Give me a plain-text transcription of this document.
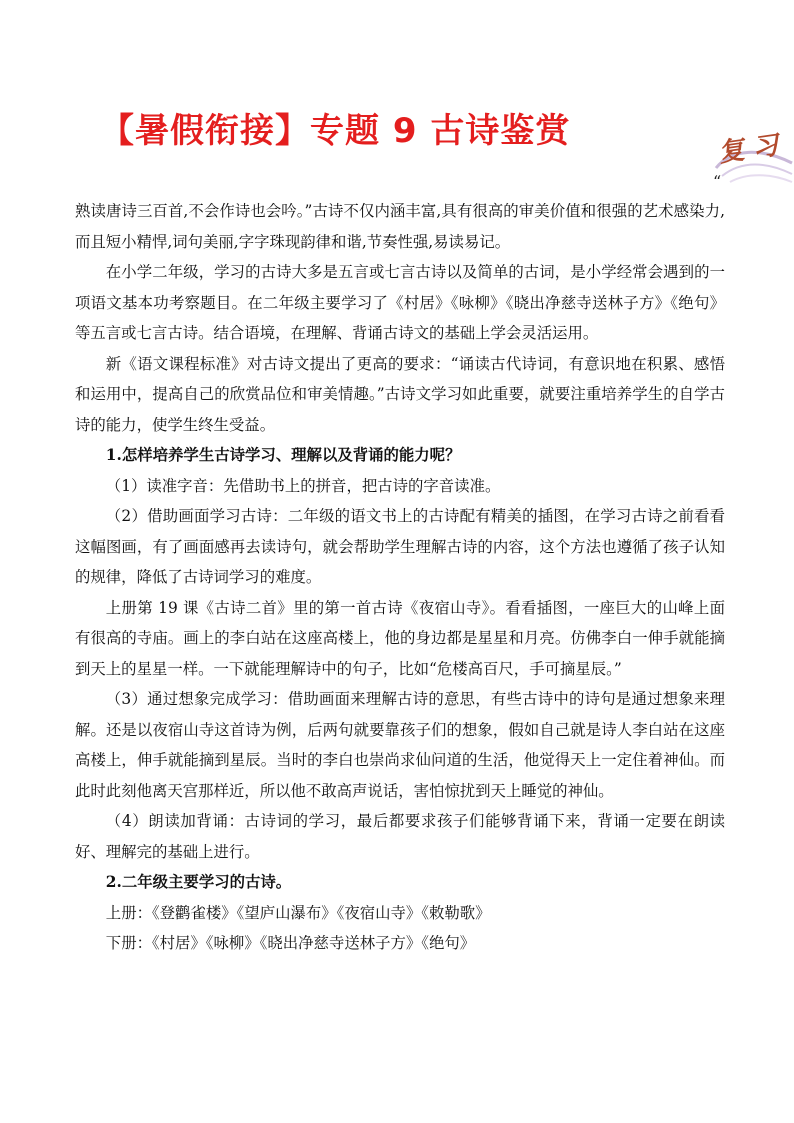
【暑假衔接】专题 9 古诗鉴赏	复习
“

熟读唐诗三百首,不会作诗也会吟。”古诗不仅内涵丰富,具有很高的审美价值和很强的艺术感染力,而且短小精悍,词句美丽,字字珠现韵律和谐,节奏性强,易读易记。

在小学二年级，学习的古诗大多是五言或七言古诗以及简单的古词，是小学经常会遇到的一项语文基本功考察题目。在二年级主要学习了《村居》《咏柳》《晓出净慈寺送林子方》《绝句》等五言或七言古诗。结合语境，在理解、背诵古诗文的基础上学会灵活运用。

新《语文课程标准》对古诗文提出了更高的要求：“诵读古代诗词，有意识地在积累、感悟和运用中，提高自己的欣赏品位和审美情趣。”古诗文学习如此重要，就要注重培养学生的自学古诗的能力，使学生终生受益。

1.怎样培养学生古诗学习、理解以及背诵的能力呢？

（1）读准字音：先借助书上的拼音，把古诗的字音读准。

（2）借助画面学习古诗：二年级的语文书上的古诗配有精美的插图，在学习古诗之前看看这幅图画，有了画面感再去读诗句，就会帮助学生理解古诗的内容，这个方法也遵循了孩子认知的规律，降低了古诗词学习的难度。

上册第 19 课《古诗二首》里的第一首古诗《夜宿山寺》。看看插图，一座巨大的山峰上面有很高的寺庙。画上的李白站在这座高楼上，他的身边都是星星和月亮。仿佛李白一伸手就能摘到天上的星星一样。一下就能理解诗中的句子，比如“危楼高百尺，手可摘星辰。”

（3）通过想象完成学习：借助画面来理解古诗的意思，有些古诗中的诗句是通过想象来理解。还是以夜宿山寺这首诗为例，后两句就要靠孩子们的想象，假如自己就是诗人李白站在这座高楼上，伸手就能摘到星辰。当时的李白也崇尚求仙问道的生活，他觉得天上一定住着神仙。而此时此刻他离天宫那样近，所以他不敢高声说话，害怕惊扰到天上睡觉的神仙。

（4）朗读加背诵：古诗词的学习，最后都要求孩子们能够背诵下来，背诵一定要在朗读好、理解完的基础上进行。

2.二年级主要学习的古诗。

上册：《登鹳雀楼》《望庐山瀑布》《夜宿山寺》《敕勒歌》

下册：《村居》《咏柳》《晓出净慈寺送林子方》《绝句》
